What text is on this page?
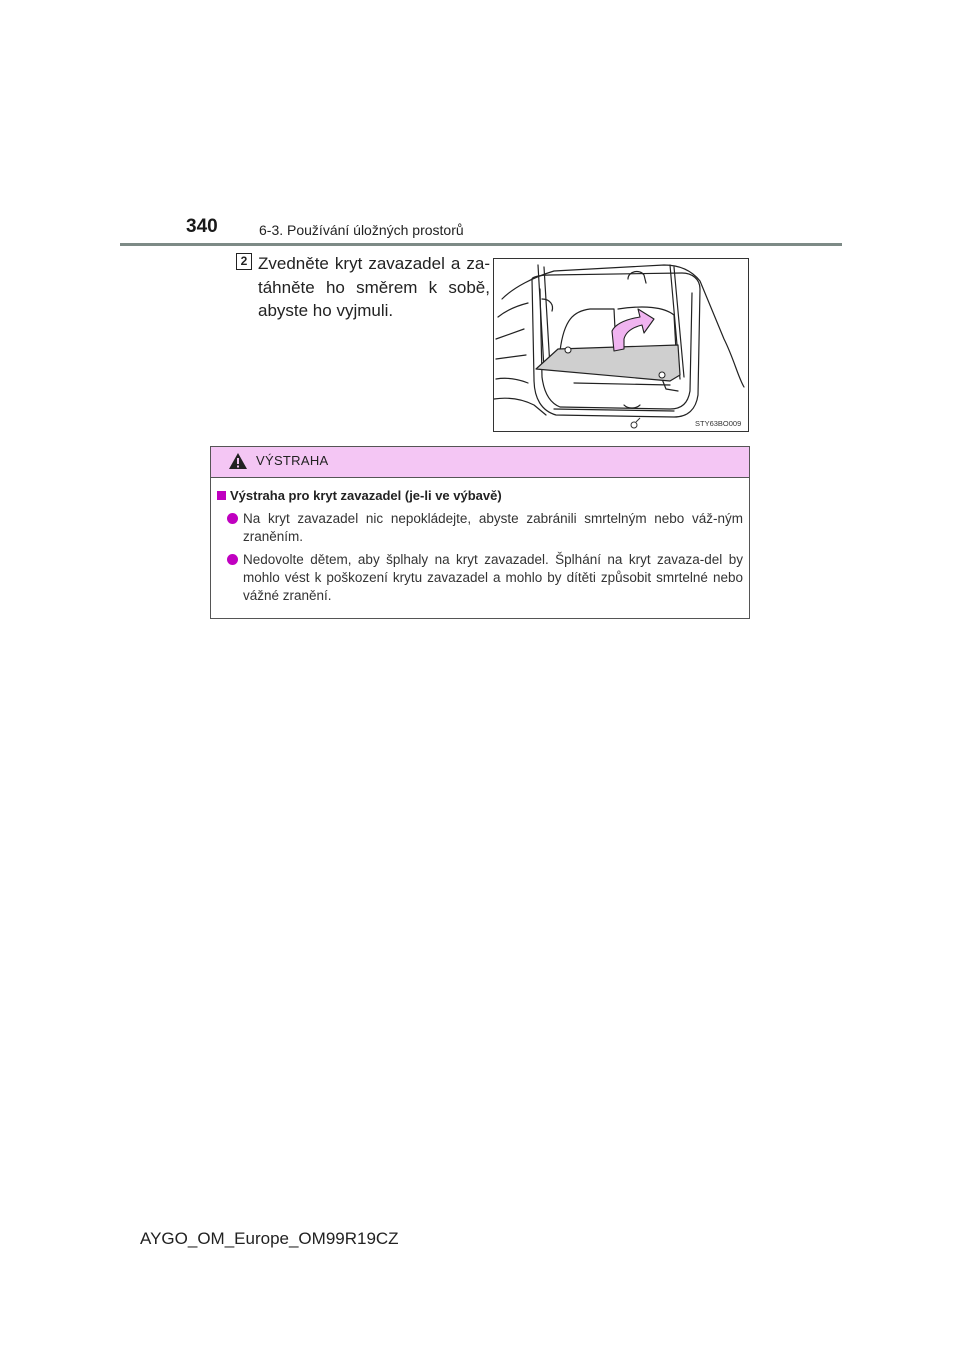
340	6-3. Používání úložných prostorů
2 Zvedněte kryt zavazadel a za-
táhněte ho směrem k sobě,
abyste ho vyjmuli.
STY63BO009
VÝSTRAHA
Výstraha pro kryt zavazadel (je-li ve výbavě)
Na kryt zavazadel nic nepokládejte, abyste zabránili smrtelným nebo váž-ným zraněním.
Nedovolte dětem, aby šplhaly na kryt zavazadel. Šplhání na kryt zavaza-del by mohlo vést k poškození krytu zavazadel a mohlo by dítěti způsobit smrtelné nebo vážné zranění.
AYGO_OM_Europe_OM99R19CZ
